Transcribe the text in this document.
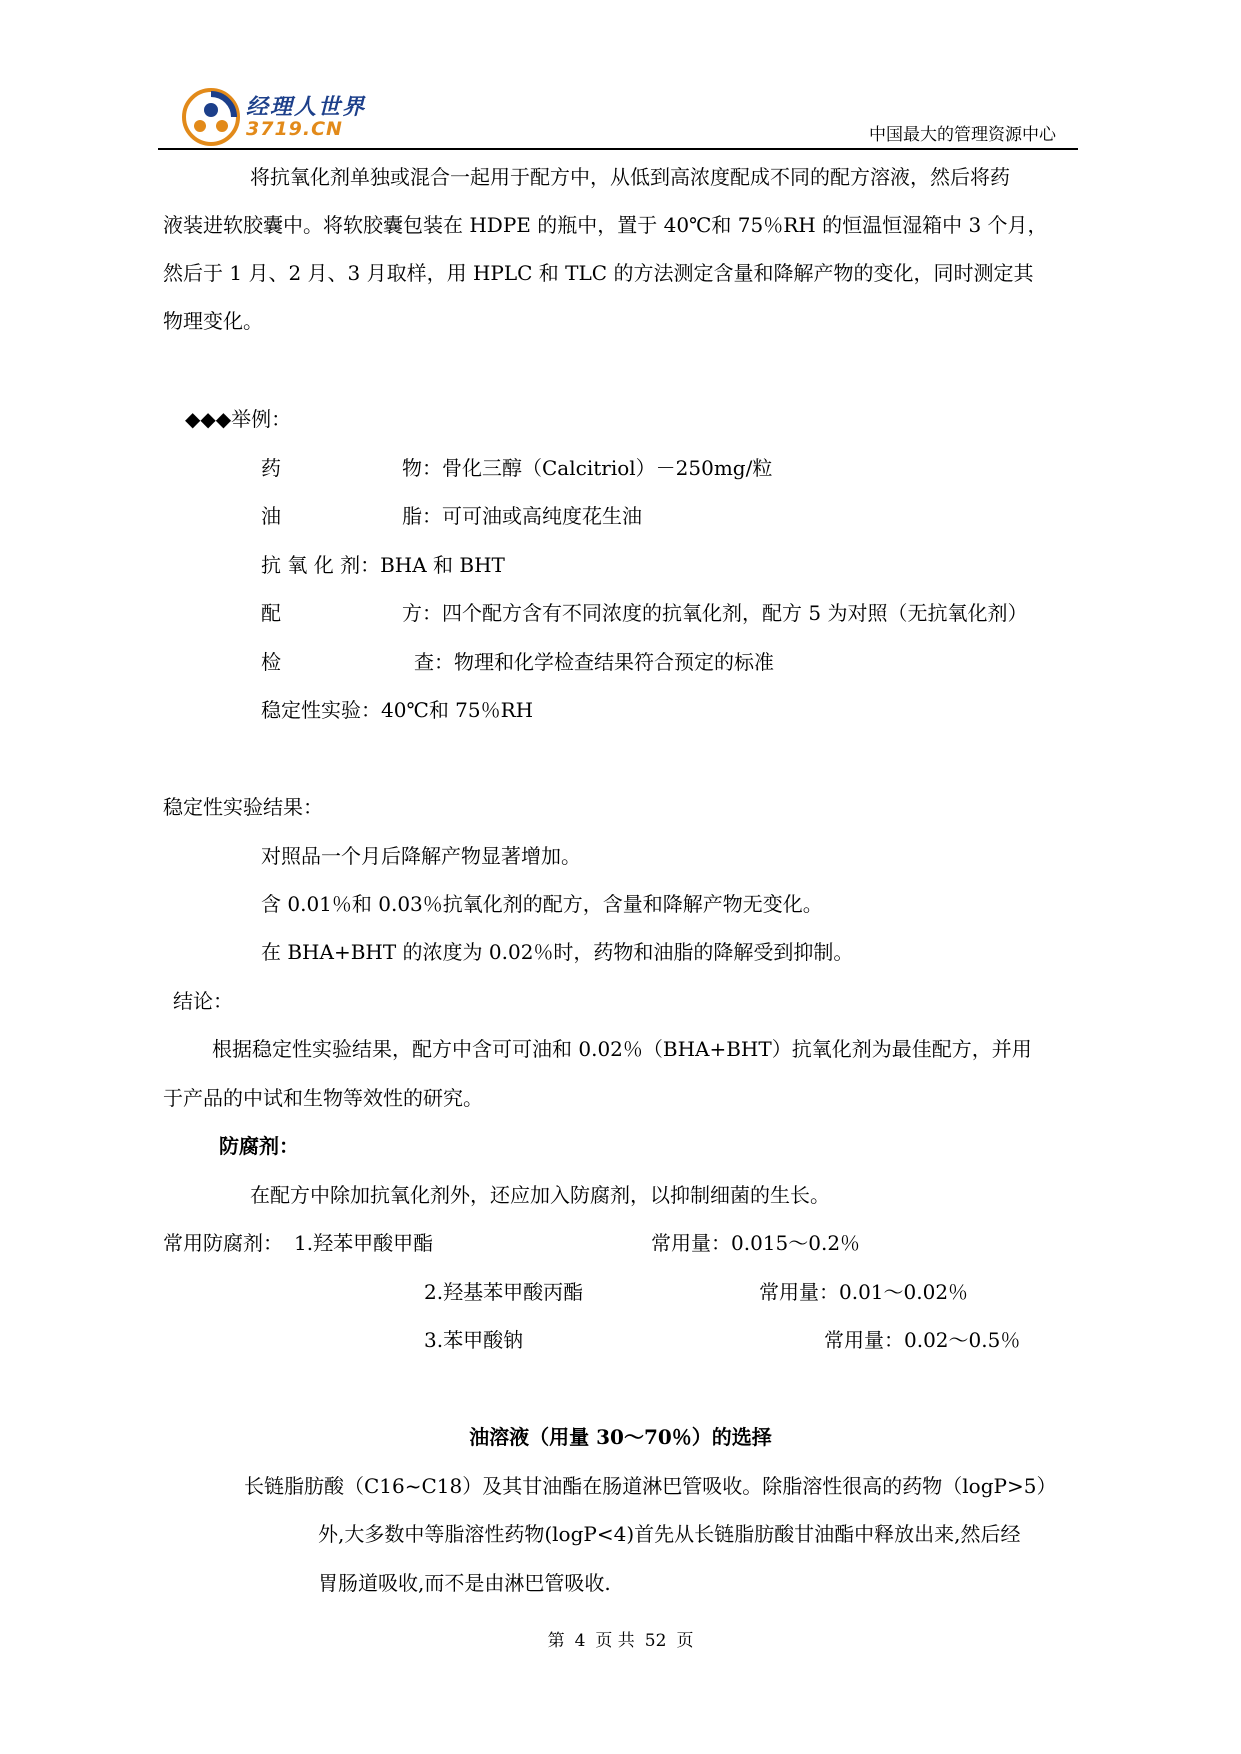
经理人世界
3719.CN	中国最大的管理资源中心
将抗氧化剂单独或混合一起用于配方中，从低到高浓度配成不同的配方溶液，然后将药
液装进软胶囊中。将软胶囊包装在 HDPE 的瓶中，置于 40℃和 75％RH 的恒温恒湿箱中 3 个月，
然后于 1 月、2 月、3 月取样，用 HPLC 和 TLC 的方法测定含量和降解产物的变化，同时测定其
物理变化。
◆◆◆举例：
药	物：骨化三醇（Calcitriol）－250mg/粒
油	脂：可可油或高纯度花生油
抗 氧 化 剂：BHA 和 BHT
配	方：四个配方含有不同浓度的抗氧化剂，配方 5 为对照（无抗氧化剂）
检	查：物理和化学检查结果符合预定的标准
稳定性实验：40℃和 75％RH
稳定性实验结果：
对照品一个月后降解产物显著增加。
含 0.01％和 0.03％抗氧化剂的配方，含量和降解产物无变化。
在 BHA+BHT 的浓度为 0.02％时，药物和油脂的降解受到抑制。
结论：
根据稳定性实验结果，配方中含可可油和 0.02％（BHA+BHT）抗氧化剂为最佳配方，并用
于产品的中试和生物等效性的研究。
防腐剂：
在配方中除加抗氧化剂外，还应加入防腐剂，以抑制细菌的生长。
常用防腐剂： 1.羟苯甲酸甲酯	常用量：0.015～0.2％
2.羟基苯甲酸丙酯	常用量：0.01～0.02％
3.苯甲酸钠	常用量：0.02～0.5％
油溶液（用量 30～70％）的选择
长链脂肪酸（C16~C18）及其甘油酯在肠道淋巴管吸收。除脂溶性很高的药物（logP>5）
外,大多数中等脂溶性药物(logP<4)首先从长链脂肪酸甘油酯中释放出来,然后经
胃肠道吸收,而不是由淋巴管吸收.
第 4 页 共 52 页
